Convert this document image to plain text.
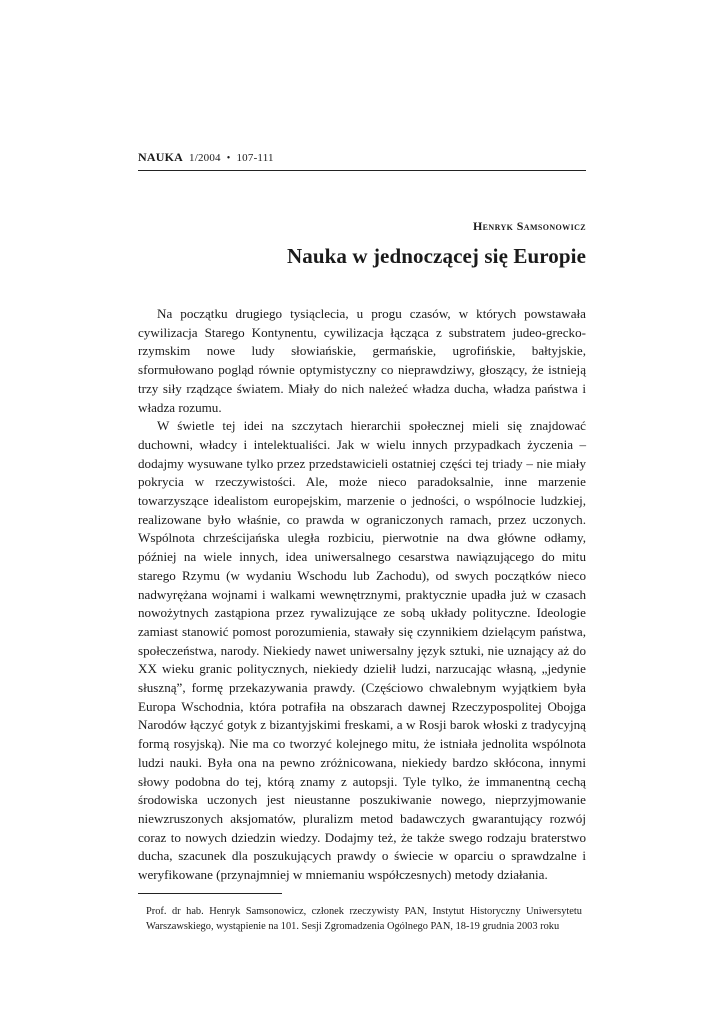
NAUKA 1/2004 • 107-111
Henryk Samsonowicz
Nauka w jednoczącej się Europie

Na początku drugiego tysiąclecia, u progu czasów, w których powstawała cywilizacja Starego Kontynentu, cywilizacja łącząca z substratem judeo-grecko-rzymskim nowe ludy słowiańskie, germańskie, ugrofińskie, bałtyjskie, sformułowano pogląd równie optymistyczny co nieprawdziwy, głoszący, że istnieją trzy siły rządzące światem. Miały do nich należeć władza ducha, władza państwa i władza rozumu.

W świetle tej idei na szczytach hierarchii społecznej mieli się znajdować duchowni, władcy i intelektualiści. Jak w wielu innych przypadkach życzenia – dodajmy wysuwane tylko przez przedstawicieli ostatniej części tej triady – nie miały pokrycia w rzeczywistości. Ale, może nieco paradoksalnie, inne marzenie towarzyszące idealistom europejskim, marzenie o jedności, o wspólnocie ludzkiej, realizowane było właśnie, co prawda w ograniczonych ramach, przez uczonych. Wspólnota chrześcijańska uległa rozbiciu, pierwotnie na dwa główne odłamy, później na wiele innych, idea uniwersalnego cesarstwa nawiązującego do mitu starego Rzymu (w wydaniu Wschodu lub Zachodu), od swych początków nieco nadwyrężana wojnami i walkami wewnętrznymi, praktycznie upadła już w czasach nowożytnych zastąpiona przez rywalizujące ze sobą układy polityczne. Ideologie zamiast stanowić pomost porozumienia, stawały się czynnikiem dzielącym państwa, społeczeństwa, narody. Niekiedy nawet uniwersalny język sztuki, nie uznający aż do XX wieku granic politycznych, niekiedy dzielił ludzi, narzucając własną, „jedynie słuszną”, formę przekazywania prawdy. (Częściowo chwalebnym wyjątkiem była Europa Wschodnia, która potrafiła na obszarach dawnej Rzeczypospolitej Obojga Narodów łączyć gotyk z bizantyjskimi freskami, a w Rosji barok włoski z tradycyjną formą rosyjską). Nie ma co tworzyć kolejnego mitu, że istniała jednolita wspólnota ludzi nauki. Była ona na pewno zróżnicowana, niekiedy bardzo skłócona, innymi słowy podobna do tej, którą znamy z autopsji. Tyle tylko, że immanentną cechą środowiska uczonych jest nieustanne poszukiwanie nowego, nieprzyjmowanie niewzruszonych aksjomatów, pluralizm metod badawczych gwarantujący rozwój coraz to nowych dziedzin wiedzy. Dodajmy też, że także swego rodzaju braterstwo ducha, szacunek dla poszukujących prawdy o świecie w oparciu o sprawdzalne i weryfikowane (przynajmniej w mniemaniu współczesnych) metody działania.

Prof. dr hab. Henryk Samsonowicz, członek rzeczywisty PAN, Instytut Historyczny Uniwersytetu Warszawskiego, wystąpienie na 101. Sesji Zgromadzenia Ogólnego PAN, 18-19 grudnia 2003 roku
